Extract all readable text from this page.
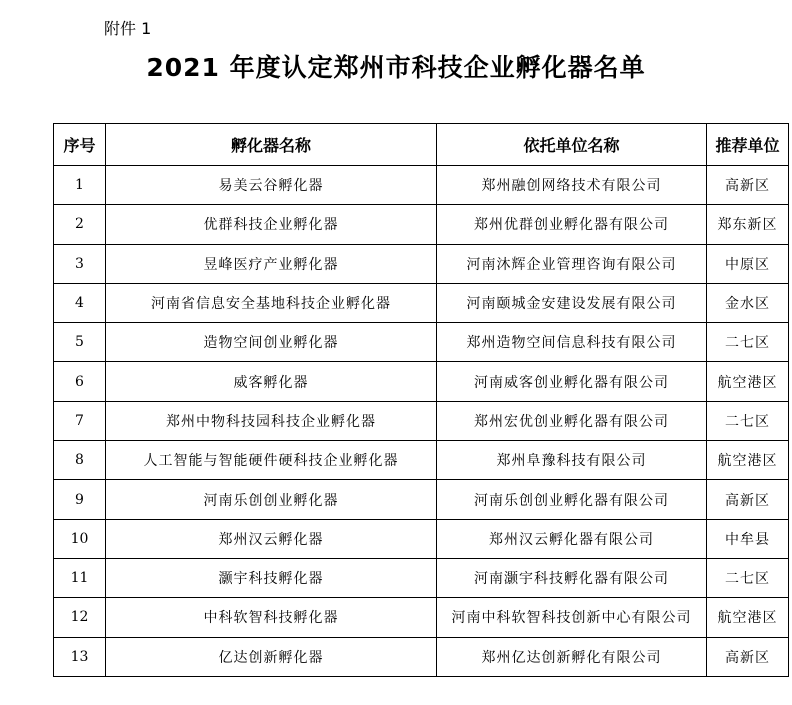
附件 1
2021 年度认定郑州市科技企业孵化器名单
序号	孵化器名称	依托单位名称	推荐单位
1	易美云谷孵化器	郑州融创网络技术有限公司	高新区
2	优群科技企业孵化器	郑州优群创业孵化器有限公司	郑东新区
3	昱峰医疗产业孵化器	河南沐辉企业管理咨询有限公司	中原区
4	河南省信息安全基地科技企业孵化器	河南颐城金安建设发展有限公司	金水区
5	造物空间创业孵化器	郑州造物空间信息科技有限公司	二七区
6	威客孵化器	河南威客创业孵化器有限公司	航空港区
7	郑州中物科技园科技企业孵化器	郑州宏优创业孵化器有限公司	二七区
8	人工智能与智能硬件硬科技企业孵化器	郑州阜豫科技有限公司	航空港区
9	河南乐创创业孵化器	河南乐创创业孵化器有限公司	高新区
10	郑州汉云孵化器	郑州汉云孵化器有限公司	中牟县
11	灏宇科技孵化器	河南灏宇科技孵化器有限公司	二七区
12	中科软智科技孵化器	河南中科软智科技创新中心有限公司	航空港区
13	亿达创新孵化器	郑州亿达创新孵化有限公司	高新区
